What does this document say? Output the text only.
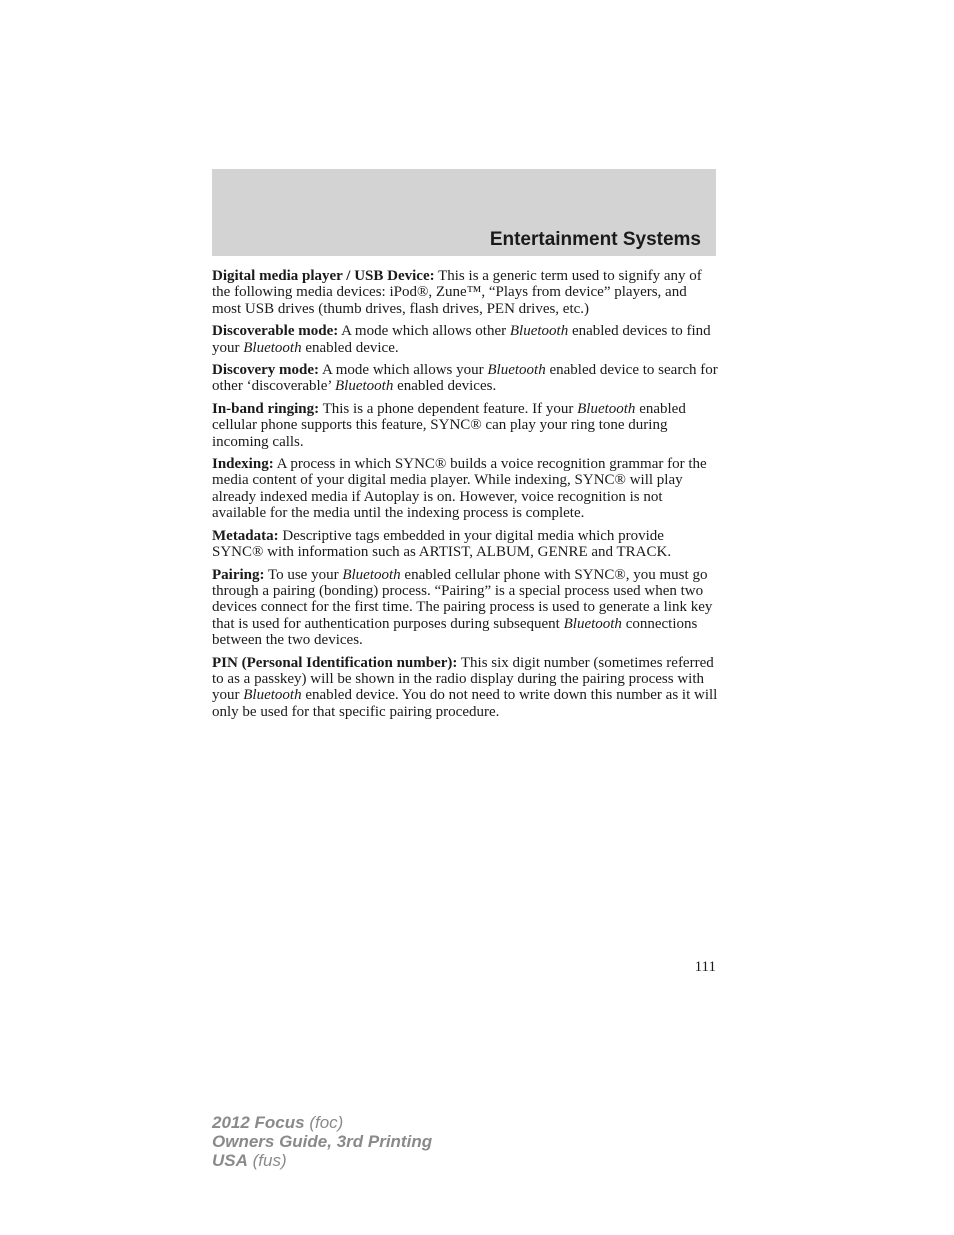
Entertainment Systems

Digital media player / USB Device: This is a generic term used to signify any of the following media devices: iPod®, Zune™, “Plays from device” players, and most USB drives (thumb drives, flash drives, PEN drives, etc.)

Discoverable mode: A mode which allows other Bluetooth enabled devices to find your Bluetooth enabled device.

Discovery mode: A mode which allows your Bluetooth enabled device to search for other ‘discoverable’ Bluetooth enabled devices.

In-band ringing: This is a phone dependent feature. If your Bluetooth enabled cellular phone supports this feature, SYNC® can play your ring tone during incoming calls.

Indexing: A process in which SYNC® builds a voice recognition grammar for the media content of your digital media player. While indexing, SYNC® will play already indexed media if Autoplay is on. However, voice recognition is not available for the media until the indexing process is complete.

Metadata: Descriptive tags embedded in your digital media which provide SYNC® with information such as ARTIST, ALBUM, GENRE and TRACK.

Pairing: To use your Bluetooth enabled cellular phone with SYNC®, you must go through a pairing (bonding) process. “Pairing” is a special process used when two devices connect for the first time. The pairing process is used to generate a link key that is used for authentication purposes during subsequent Bluetooth connections between the two devices.

PIN (Personal Identification number): This six digit number (sometimes referred to as a passkey) will be shown in the radio display during the pairing process with your Bluetooth enabled device. You do not need to write down this number as it will only be used for that specific pairing procedure.

111
2012 Focus (foc)
Owners Guide, 3rd Printing
USA (fus)
